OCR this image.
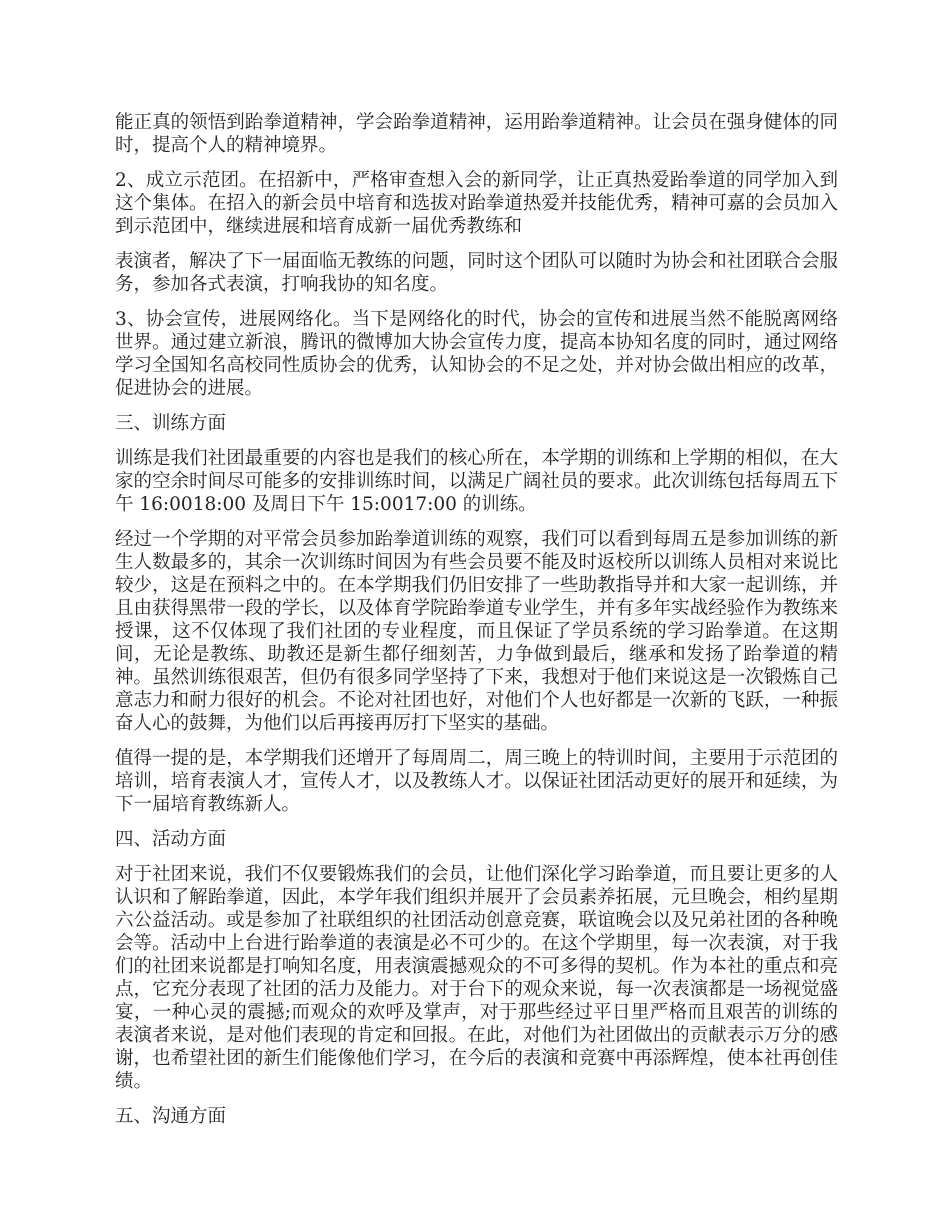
能正真的领悟到跆拳道精神，学会跆拳道精神，运用跆拳道精神。让会员在强身健体的同时，提高个人的精神境界。

2、成立示范团。在招新中，严格审查想入会的新同学，让正真热爱跆拳道的同学加入到这个集体。在招入的新会员中培育和选拔对跆拳道热爱并技能优秀，精神可嘉的会员加入到示范团中，继续进展和培育成新一届优秀教练和

表演者，解决了下一届面临无教练的问题，同时这个团队可以随时为协会和社团联合会服务，参加各式表演，打响我协的知名度。

3、协会宣传，进展网络化。当下是网络化的时代，协会的宣传和进展当然不能脱离网络世界。通过建立新浪，腾讯的微博加大协会宣传力度，提高本协知名度的同时，通过网络学习全国知名高校同性质协会的优秀，认知协会的不足之处，并对协会做出相应的改革，促进协会的进展。

三、训练方面

训练是我们社团最重要的内容也是我们的核心所在，本学期的训练和上学期的相似，在大家的空余时间尽可能多的安排训练时间，以满足广阔社员的要求。此次训练包括每周五下午 16:0018:00 及周日下午 15:0017:00 的训练。

经过一个学期的对平常会员参加跆拳道训练的观察，我们可以看到每周五是参加训练的新生人数最多的，其余一次训练时间因为有些会员要不能及时返校所以训练人员相对来说比较少，这是在预料之中的。在本学期我们仍旧安排了一些助教指导并和大家一起训练，并且由获得黑带一段的学长，以及体育学院跆拳道专业学生，并有多年实战经验作为教练来授课，这不仅体现了我们社团的专业程度，而且保证了学员系统的学习跆拳道。在这期间，无论是教练、助教还是新生都仔细刻苦，力争做到最后，继承和发扬了跆拳道的精神。虽然训练很艰苦，但仍有很多同学坚持了下来，我想对于他们来说这是一次锻炼自己意志力和耐力很好的机会。不论对社团也好，对他们个人也好都是一次新的飞跃，一种振奋人心的鼓舞，为他们以后再接再厉打下坚实的基础。

值得一提的是，本学期我们还增开了每周周二，周三晚上的特训时间，主要用于示范团的培训，培育表演人才，宣传人才，以及教练人才。以保证社团活动更好的展开和延续，为下一届培育教练新人。

四、活动方面

对于社团来说，我们不仅要锻炼我们的会员，让他们深化学习跆拳道，而且要让更多的人认识和了解跆拳道，因此，本学年我们组织并展开了会员素养拓展，元旦晚会，相约星期六公益活动。或是参加了社联组织的社团活动创意竞赛，联谊晚会以及兄弟社团的各种晚会等。活动中上台进行跆拳道的表演是必不可少的。在这个学期里，每一次表演，对于我们的社团来说都是打响知名度，用表演震撼观众的不可多得的契机。作为本社的重点和亮点，它充分表现了社团的活力及能力。对于台下的观众来说，每一次表演都是一场视觉盛宴，一种心灵的震撼;而观众的欢呼及掌声，对于那些经过平日里严格而且艰苦的训练的表演者来说，是对他们表现的肯定和回报。在此，对他们为社团做出的贡献表示万分的感谢，也希望社团的新生们能像他们学习，在今后的表演和竞赛中再添辉煌，使本社再创佳绩。

五、沟通方面
